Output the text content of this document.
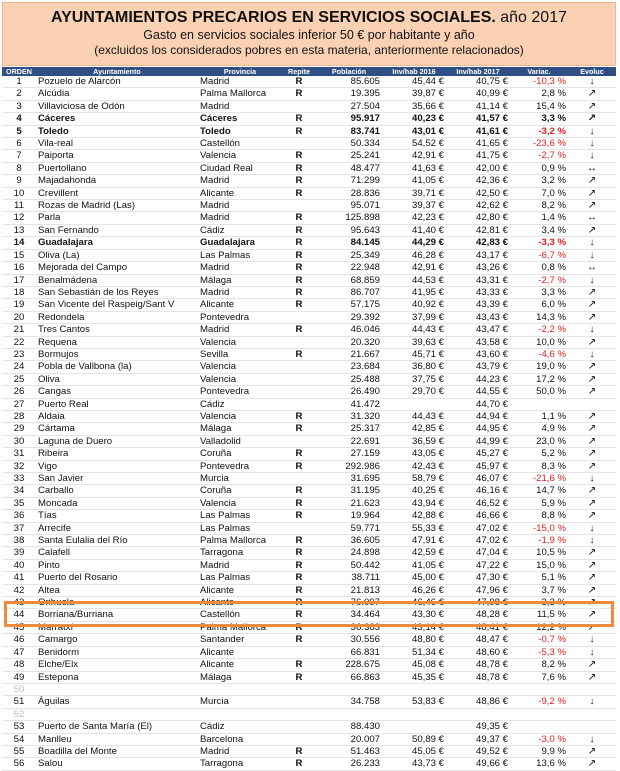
AYUNTAMIENTOS PRECARIOS EN SERVICIOS SOCIALES. año 2017
Gasto en servicios sociales inferior 50 € por habitante y año
(excluidos los considerados pobres en esta materia, anteriormente relacionados)
ORDEN	Ayuntamiento	Provincia	Repite	Población	Inv/hab 2016	Inv/hab 2017	Variac.	Evoluc
1	Pozuelo de Alarcón	Madrid	R	85.605	45,44 €	40,75 €	-10,3 %	↓
2	Alcúdia	Palma Mallorca	R	19.395	39,87 €	40,99 €	2,8 %	↗
3	Villaviciosa de Odón	Madrid		27.504	35,66 €	41,14 €	15,4 %	↗
4	Cáceres	Cáceres	R	95.917	40,23 €	41,57 €	3,3 %	↗
5	Toledo	Toledo	R	83.741	43,01 €	41,61 €	-3,2 %	↓
6	Vila-real	Castellón		50.334	54,52 €	41,65 €	-23,6 %	↓
7	Paiporta	Valencia	R	25.241	42,91 €	41,75 €	-2,7 %	↓
8	Puertollano	Ciudad Real	R	48.477	41,63 €	42,00 €	0,9 %	↔
9	Majadahonda	Madrid	R	71.299	41,05 €	42,36 €	3,2 %	↗
10	Crevillent	Alicante	R	28.836	39,71 €	42,50 €	7,0 %	↗
11	Rozas de Madrid (Las)	Madrid		95.071	39,37 €	42,62 €	8,2 %	↗
12	Parla	Madrid	R	125.898	42,23 €	42,80 €	1,4 %	↔
13	San Fernando	Cádiz	R	95.643	41,40 €	42,81 €	3,4 %	↗
14	Guadalajara	Guadalajara	R	84.145	44,29 €	42,83 €	-3,3 %	↓
15	Oliva (La)	Las Palmas	R	25.349	46,28 €	43,17 €	-6,7 %	↓
16	Mejorada del Campo	Madrid	R	22.948	42,91 €	43,26 €	0,8 %	↔
17	Benalmádena	Málaga	R	68.859	44,53 €	43,31 €	-2,7 %	↓
18	San Sebastián de los Reyes	Madrid	R	86.707	41,95 €	43,33 €	3,3 %	↗
19	San Vicente del Raspeig/Sant V	Alicante	R	57.175	40,92 €	43,39 €	6,0 %	↗
20	Redondela	Pontevedra		29.392	37,99 €	43,43 €	14,3 %	↗
21	Tres Cantos	Madrid	R	46.046	44,43 €	43,47 €	-2,2 %	↓
22	Requena	Valencia		20.320	39,63 €	43,58 €	10,0 %	↗
23	Bormujos	Sevilla	R	21.667	45,71 €	43,60 €	-4,6 %	↓
24	Pobla de Vallbona (la)	Valencia		23.684	36,80 €	43,79 €	19,0 %	↗
25	Oliva	Valencia		25.488	37,75 €	44,23 €	17,2 %	↗
26	Cangas	Pontevedra		26.490	29,70 €	44,55 €	50,0 %	↗
27	Puerto Real	Cádiz		41.472		44,70 €		
28	Aldaia	Valencia	R	31.320	44,43 €	44,94 €	1,1 %	↗
29	Cártama	Málaga	R	25.317	42,85 €	44,95 €	4,9 %	↗
30	Laguna de Duero	Valladolid		22.691	36,59 €	44,99 €	23,0 %	↗
31	Ribeira	Coruña	R	27.159	43,05 €	45,27 €	5,2 %	↗
32	Vigo	Pontevedra	R	292.986	42,43 €	45,97 €	8,3 %	↗
33	San Javier	Murcia		31.695	58,79 €	46,07 €	-21,6 %	↓
34	Carballo	Coruña	R	31.195	40,25 €	46,16 €	14,7 %	↗
35	Moncada	Valencia	R	21.623	43,94 €	46,52 €	5,9 %	↗
36	Tías	Las Palmas	R	19.964	42,88 €	46,66 €	8,8 %	↗
37	Arrecife	Las Palmas		59.771	55,33 €	47,02 €	-15,0 %	↓
38	Santa Eulalia del Río	Palma Mallorca	R	36.605	47,91 €	47,02 €	-1,9 %	↓
39	Calafell	Tarragona	R	24.898	42,59 €	47,04 €	10,5 %	↗
40	Pinto	Madrid	R	50.442	41,05 €	47,22 €	15,0 %	↗
41	Puerto del Rosario	Las Palmas	R	38.711	45,00 €	47,30 €	5,1 %	↗
42	Altea	Alicante	R	21.813	46,26 €	47,96 €	3,7 %	↗
43	Orihuela	Alicante	R	76.097	46,46 €	47,98 €	3,3 %	↗
44	Borriana/Burriana	Castellón	R	34.464	43,30 €	48,28 €	11,5 %	↗
45	Marratxí	Palma Mallorca	R	36.383	43,14 €	48,41 €	12,2 %	↗
46	Camargo	Santander	R	30.556	48,80 €	48,47 €	-0,7 %	↓
47	Benidorm	Alicante		66.831	51,34 €	48,60 €	-5,3 %	↓
48	Elche/Elx	Alicante	R	228.675	45,08 €	48,78 €	8,2 %	↗
49	Estepona	Málaga	R	66.863	45,35 €	48,78 €	7,6 %	↗
50								
51	Águilas	Murcia		34.758	53,83 €	48,86 €	-9,2 %	↓
52								
53	Puerto de Santa María (El)	Cádiz		88.430		49,35 €		
54	Manlleu	Barcelona		20.007	50,89 €	49,37 €	-3,0 %	↓
55	Boadilla del Monte	Madrid	R	51.463	45,05 €	49,52 €	9,9 %	↗
56	Salou	Tarragona	R	26.233	43,73 €	49,66 €	13,6 %	↗
